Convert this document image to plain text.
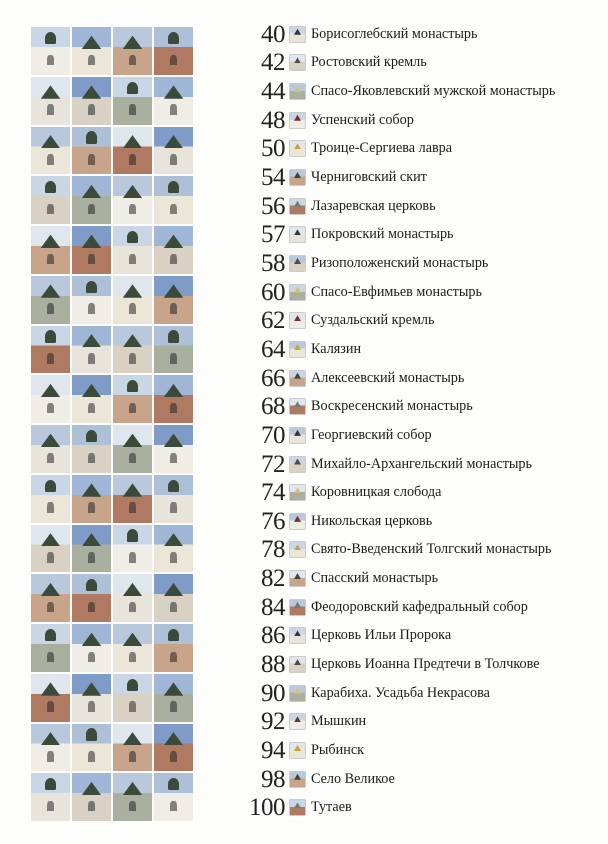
40 Борисоглебский монастырь
42 Ростовский кремль
44 Спасо-Яковлевский мужской монастырь
48 Успенский собор
50 Троице-Сергиева лавра
54 Черниговский скит
56 Лазаревская церковь
57 Покровский монастырь
58 Ризоположенский монастырь
60 Спасо-Евфимьев монастырь
62 Суздальский кремль
64 Калязин
66 Алексеевский монастырь
68 Воскресенский монастырь
70 Георгиевский собор
72 Михайло-Архангельский монастырь
74 Коровницкая слобода
76 Никольская церковь
78 Свято-Введенский Толгский монастырь
82 Спасский монастырь
84 Феодоровский кафедральный собор
86 Церковь Ильи Пророка
88 Церковь Иоанна Предтечи в Толчкове
90 Карабиха. Усадьба Некрасова
92 Мышкин
94 Рыбинск
98 Село Великое
100 Тутаев
